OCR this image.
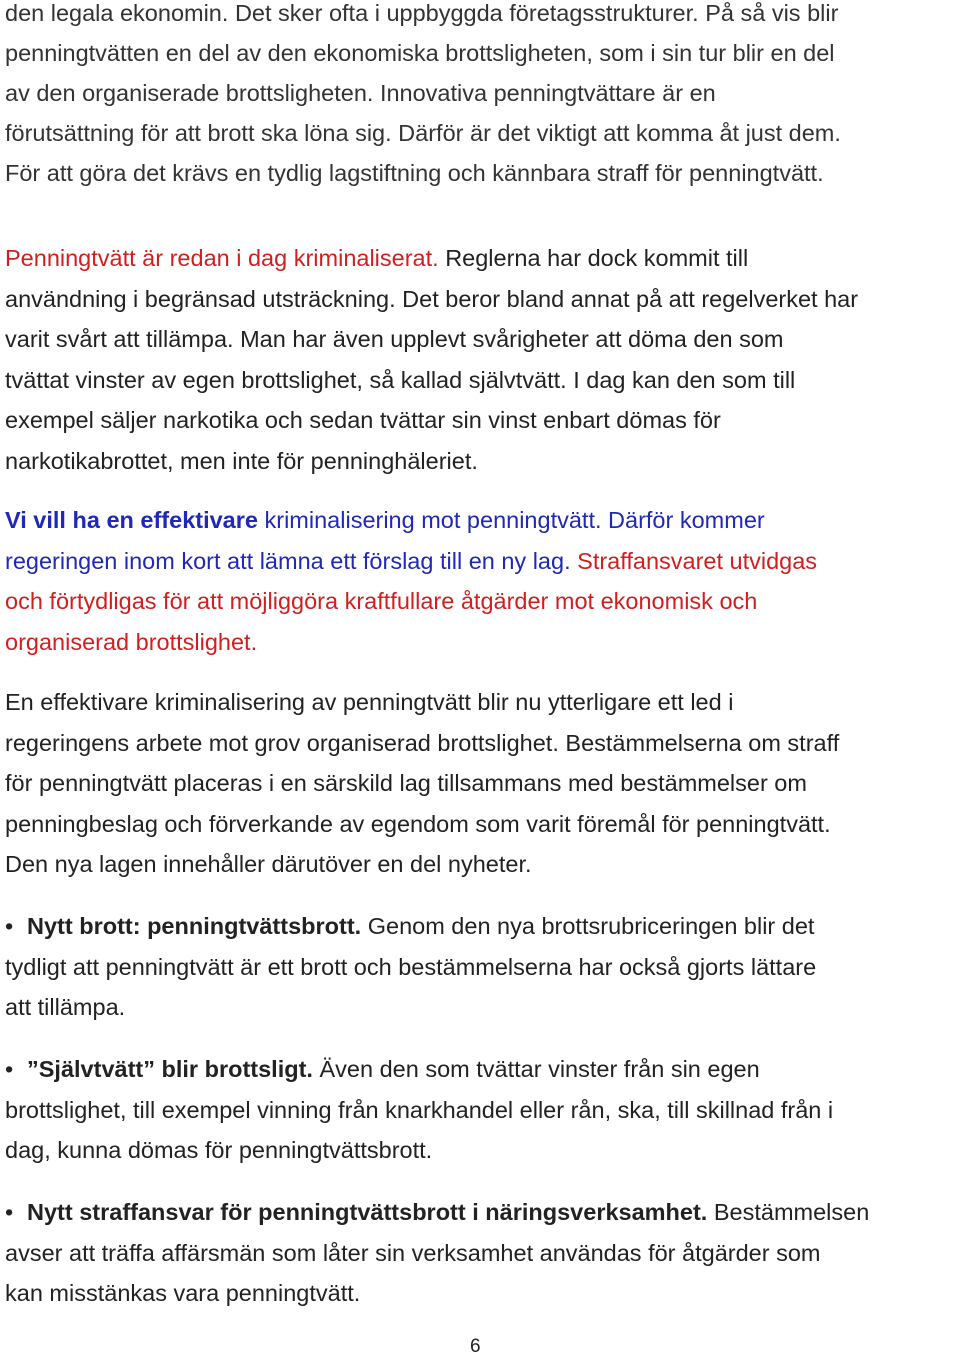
den legala ekonomin. Det sker ofta i uppbyggda företagsstrukturer. På så vis blir
penningtvätten en del av den ekonomiska brottsligheten, som i sin tur blir en del
av den organiserade brottsligheten. Innovativa penningtvättare är en
förutsättning för att brott ska löna sig. Därför är det viktigt att komma åt just dem.
För att göra det krävs en tydlig lagstiftning och kännbara straff för penningtvätt.
Penningtvätt är redan i dag kriminaliserat. Reglerna har dock kommit till
användning i begränsad utsträckning. Det beror bland annat på att regelverket har
varit svårt att tillämpa. Man har även upplevt svårigheter att döma den som
tvättat vinster av egen brottslighet, så kallad självtvätt. I dag kan den som till
exempel säljer narkotika och sedan tvättar sin vinst enbart dömas för
narkotikabrottet, men inte för penninghäleriet.
Vi vill ha en effektivare kriminalisering mot penningtvätt. Därför kommer
regeringen inom kort att lämna ett förslag till en ny lag. Straffansvaret utvidgas
och förtydligas för att möjliggöra kraftfullare åtgärder mot ekonomisk och
organiserad brottslighet.
En effektivare kriminalisering av penningtvätt blir nu ytterligare ett led i
regeringens arbete mot grov organiserad brottslighet. Bestämmelserna om straff
för penningtvätt placeras i en särskild lag tillsammans med bestämmelser om
penningbeslag och förverkande av egendom som varit föremål för penningtvätt.
Den nya lagen innehåller därutöver en del nyheter.
• Nytt brott: penningtvättsbrott. Genom den nya brottsrubriceringen blir det
tydligt att penningtvätt är ett brott och bestämmelserna har också gjorts lättare
att tillämpa.
• ”Självtvätt” blir brottsligt. Även den som tvättar vinster från sin egen
brottslighet, till exempel vinning från knarkhandel eller rån, ska, till skillnad från i
dag, kunna dömas för penningtvättsbrott.
• Nytt straffansvar för penningtvättsbrott i näringsverksamhet. Bestämmelsen
avser att träffa affärsmän som låter sin verksamhet användas för åtgärder som
kan misstänkas vara penningtvätt.
6
